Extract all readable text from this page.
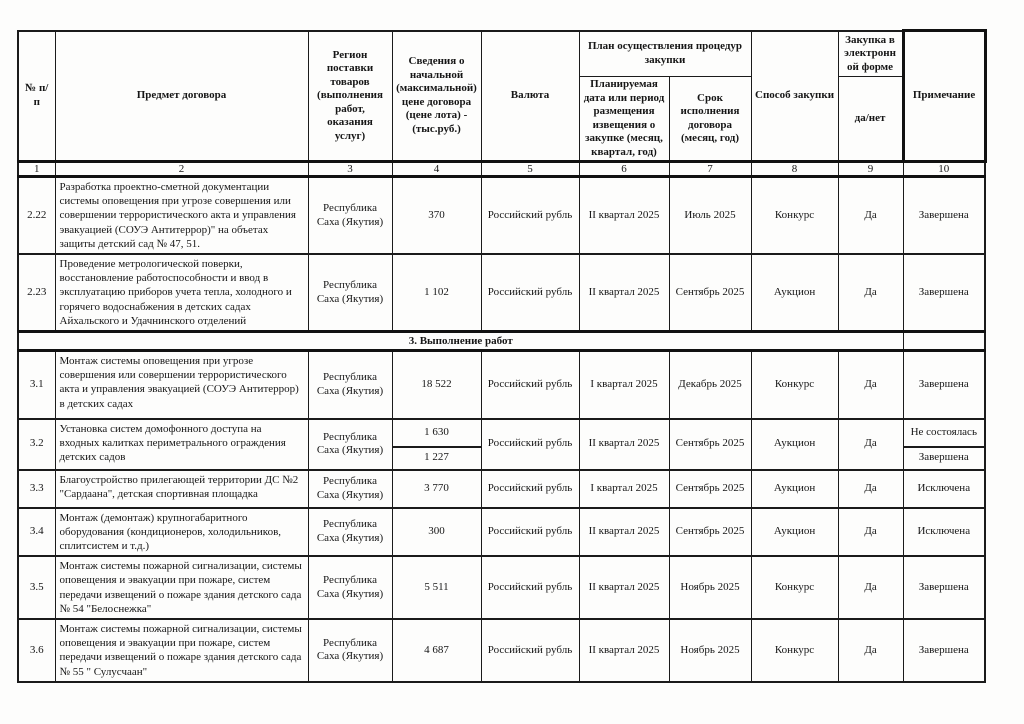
№ п/п	Предмет договора	Регион поставки товаров (выполнения работ, оказания услуг)	Сведения о начальной (максимальной) цене договора (цене лота) - (тыс.руб.)	Валюта	План осуществления процедур закупки		Способ закупки	Закупка в электронной форме	Примечание
					Планируемая дата или период размещения извещения о закупке (месяц, квартал, год)	Срок исполнения договора (месяц, год)		да/нет	
1	2	3	4	5	6	7	8	9	10
2.22	Разработка проектно-сметной документации системы оповещения при угрозе совершения или совершении террористического акта и управления эвакуацией (СОУЭ Антитеррор)" на объетах защиты детский сад № 47, 51.	Республика Саха (Якутия)	370	Российский рубль	II квартал 2025	Июль 2025	Конкурс	Да	Завершена
2.23	Проведение метрологической поверки, восстановление работоспособности и ввод в эксплуатацию приборов учета тепла, холодного и горячего водоснабжения в детских садах Айхальского и Удачнинского отделений	Республика Саха (Якутия)	1 102	Российский рубль	II квартал 2025	Сентябрь 2025	Аукцион	Да	Завершена
3. Выполнение работ									
3.1	Монтаж системы оповещения при угрозе совершения или совершении террористического акта и управления эвакуацией (СОУЭ Антитеррор) в детских садах	Республика Саха (Якутия)	18 522	Российский рубль	I квартал 2025	Декабрь 2025	Конкурс	Да	Завершена
3.2	Установка систем домофонного доступа на входных калитках периметрального ограждения детских садов	Республика Саха (Якутия)	1 630	Российский рубль	II квартал 2025	Сентябрь 2025	Аукцион	Да	Не состоялась
			1 227						Завершена
3.3	Благоустройство прилегающей территории ДС №2 "Сардаана", детская спортивная площадка	Республика Саха (Якутия)	3 770	Российский рубль	I квартал 2025	Сентябрь 2025	Аукцион	Да	Исключена
3.4	Монтаж (демонтаж) крупногабаритного оборудования (кондиционеров, холодильников, сплитсистем и т.д.)	Республика Саха (Якутия)	300	Российский рубль	II квартал 2025	Сентябрь 2025	Аукцион	Да	Исключена
3.5	Монтаж системы пожарной сигнализации, системы оповещения и эвакуации при пожаре, систем передачи извещений о пожаре здания детского сада № 54 "Белоснежка"	Республика Саха (Якутия)	5 511	Российский рубль	II квартал 2025	Ноябрь 2025	Конкурс	Да	Завершена
3.6	Монтаж системы пожарной сигнализации, системы оповещения и эвакуации при пожаре, систем передачи извещений о пожаре здания детского сада № 55 " Сулусчаан"	Республика Саха (Якутия)	4 687	Российский рубль	II квартал 2025	Ноябрь 2025	Конкурс	Да	Завершена
